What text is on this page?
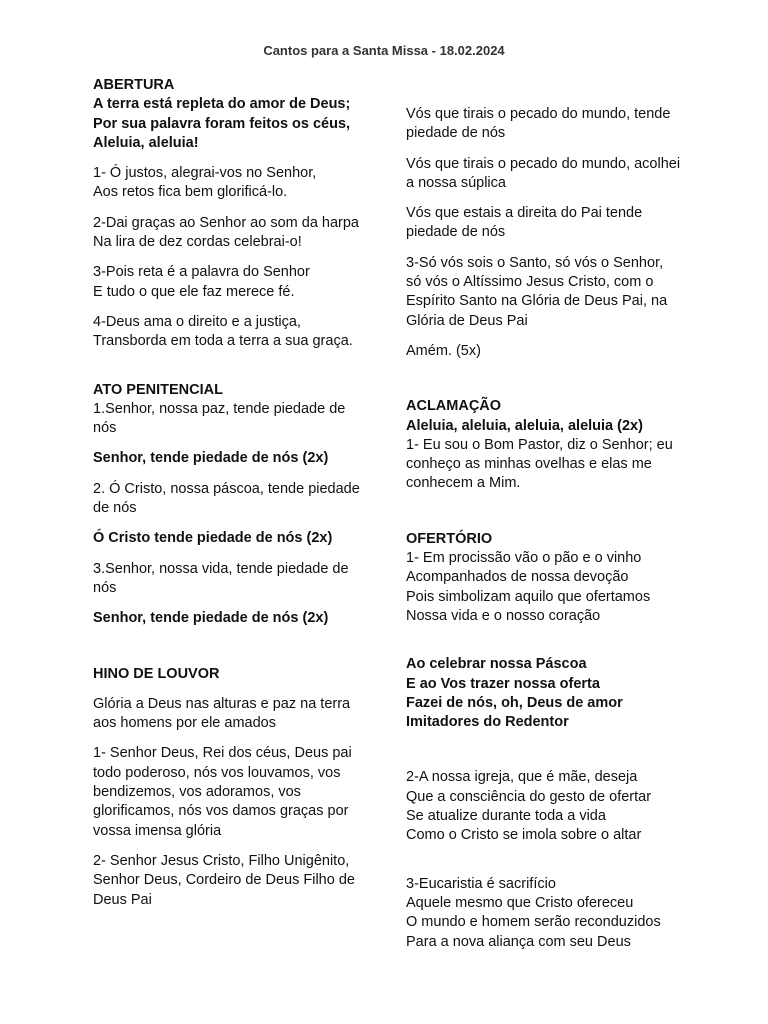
Cantos para a Santa Missa - 18.02.2024
ABERTURA
A terra está repleta do amor de Deus;
Por sua palavra foram feitos os céus,
Aleluia, aleluia!
1- Ó justos, alegrai-vos no Senhor,
Aos retos fica bem glorificá-lo.
2-Dai graças ao Senhor ao som da harpa
Na lira de dez cordas celebrai-o!
3-Pois reta é a palavra do Senhor
E tudo o que ele faz merece fé.
4-Deus ama o direito e a justiça,
Transborda em toda a terra a sua graça.
ATO PENITENCIAL
1.Senhor, nossa paz, tende piedade de nós
Senhor, tende piedade de nós (2x)
2. Ó Cristo, nossa páscoa, tende piedade de nós
Ó Cristo tende piedade de nós (2x)
3.Senhor, nossa vida, tende piedade de nós
Senhor, tende piedade de nós (2x)
HINO DE LOUVOR
Glória a Deus nas alturas e paz na terra aos homens por ele amados
1- Senhor Deus, Rei dos céus, Deus pai todo poderoso, nós vos louvamos, vos bendizemos, vos adoramos, vos glorificamos, nós vos damos graças por vossa imensa glória
2- Senhor Jesus Cristo, Filho Unigênito, Senhor Deus, Cordeiro de Deus Filho de Deus Pai
Vós que tirais o pecado do mundo, tende piedade de nós
Vós que tirais o pecado do mundo, acolhei a nossa súplica
Vós que estais a direita do Pai tende piedade de nós
3-Só vós sois o Santo, só vós o Senhor, só vós o Altíssimo Jesus Cristo, com o Espírito Santo na Glória de Deus Pai, na Glória de Deus Pai
Amém. (5x)
ACLAMAÇÃO
Aleluia, aleluia, aleluia, aleluia (2x)
1- Eu sou o Bom Pastor, diz o Senhor; eu conheço as minhas ovelhas e elas me conhecem a Mim.
OFERTÓRIO
1- Em procissão vão o pão e o vinho
Acompanhados de nossa devoção
Pois simbolizam aquilo que ofertamos
Nossa vida e o nosso coração
Ao celebrar nossa Páscoa
E ao Vos trazer nossa oferta
Fazei de nós, oh, Deus de amor
Imitadores do Redentor
2-A nossa igreja, que é mãe, deseja
Que a consciência do gesto de ofertar
Se atualize durante toda a vida
Como o Cristo se imola sobre o altar
3-Eucaristia é sacrifício
Aquele mesmo que Cristo ofereceu
O mundo e homem serão reconduzidos
Para a nova aliança com seu Deus
